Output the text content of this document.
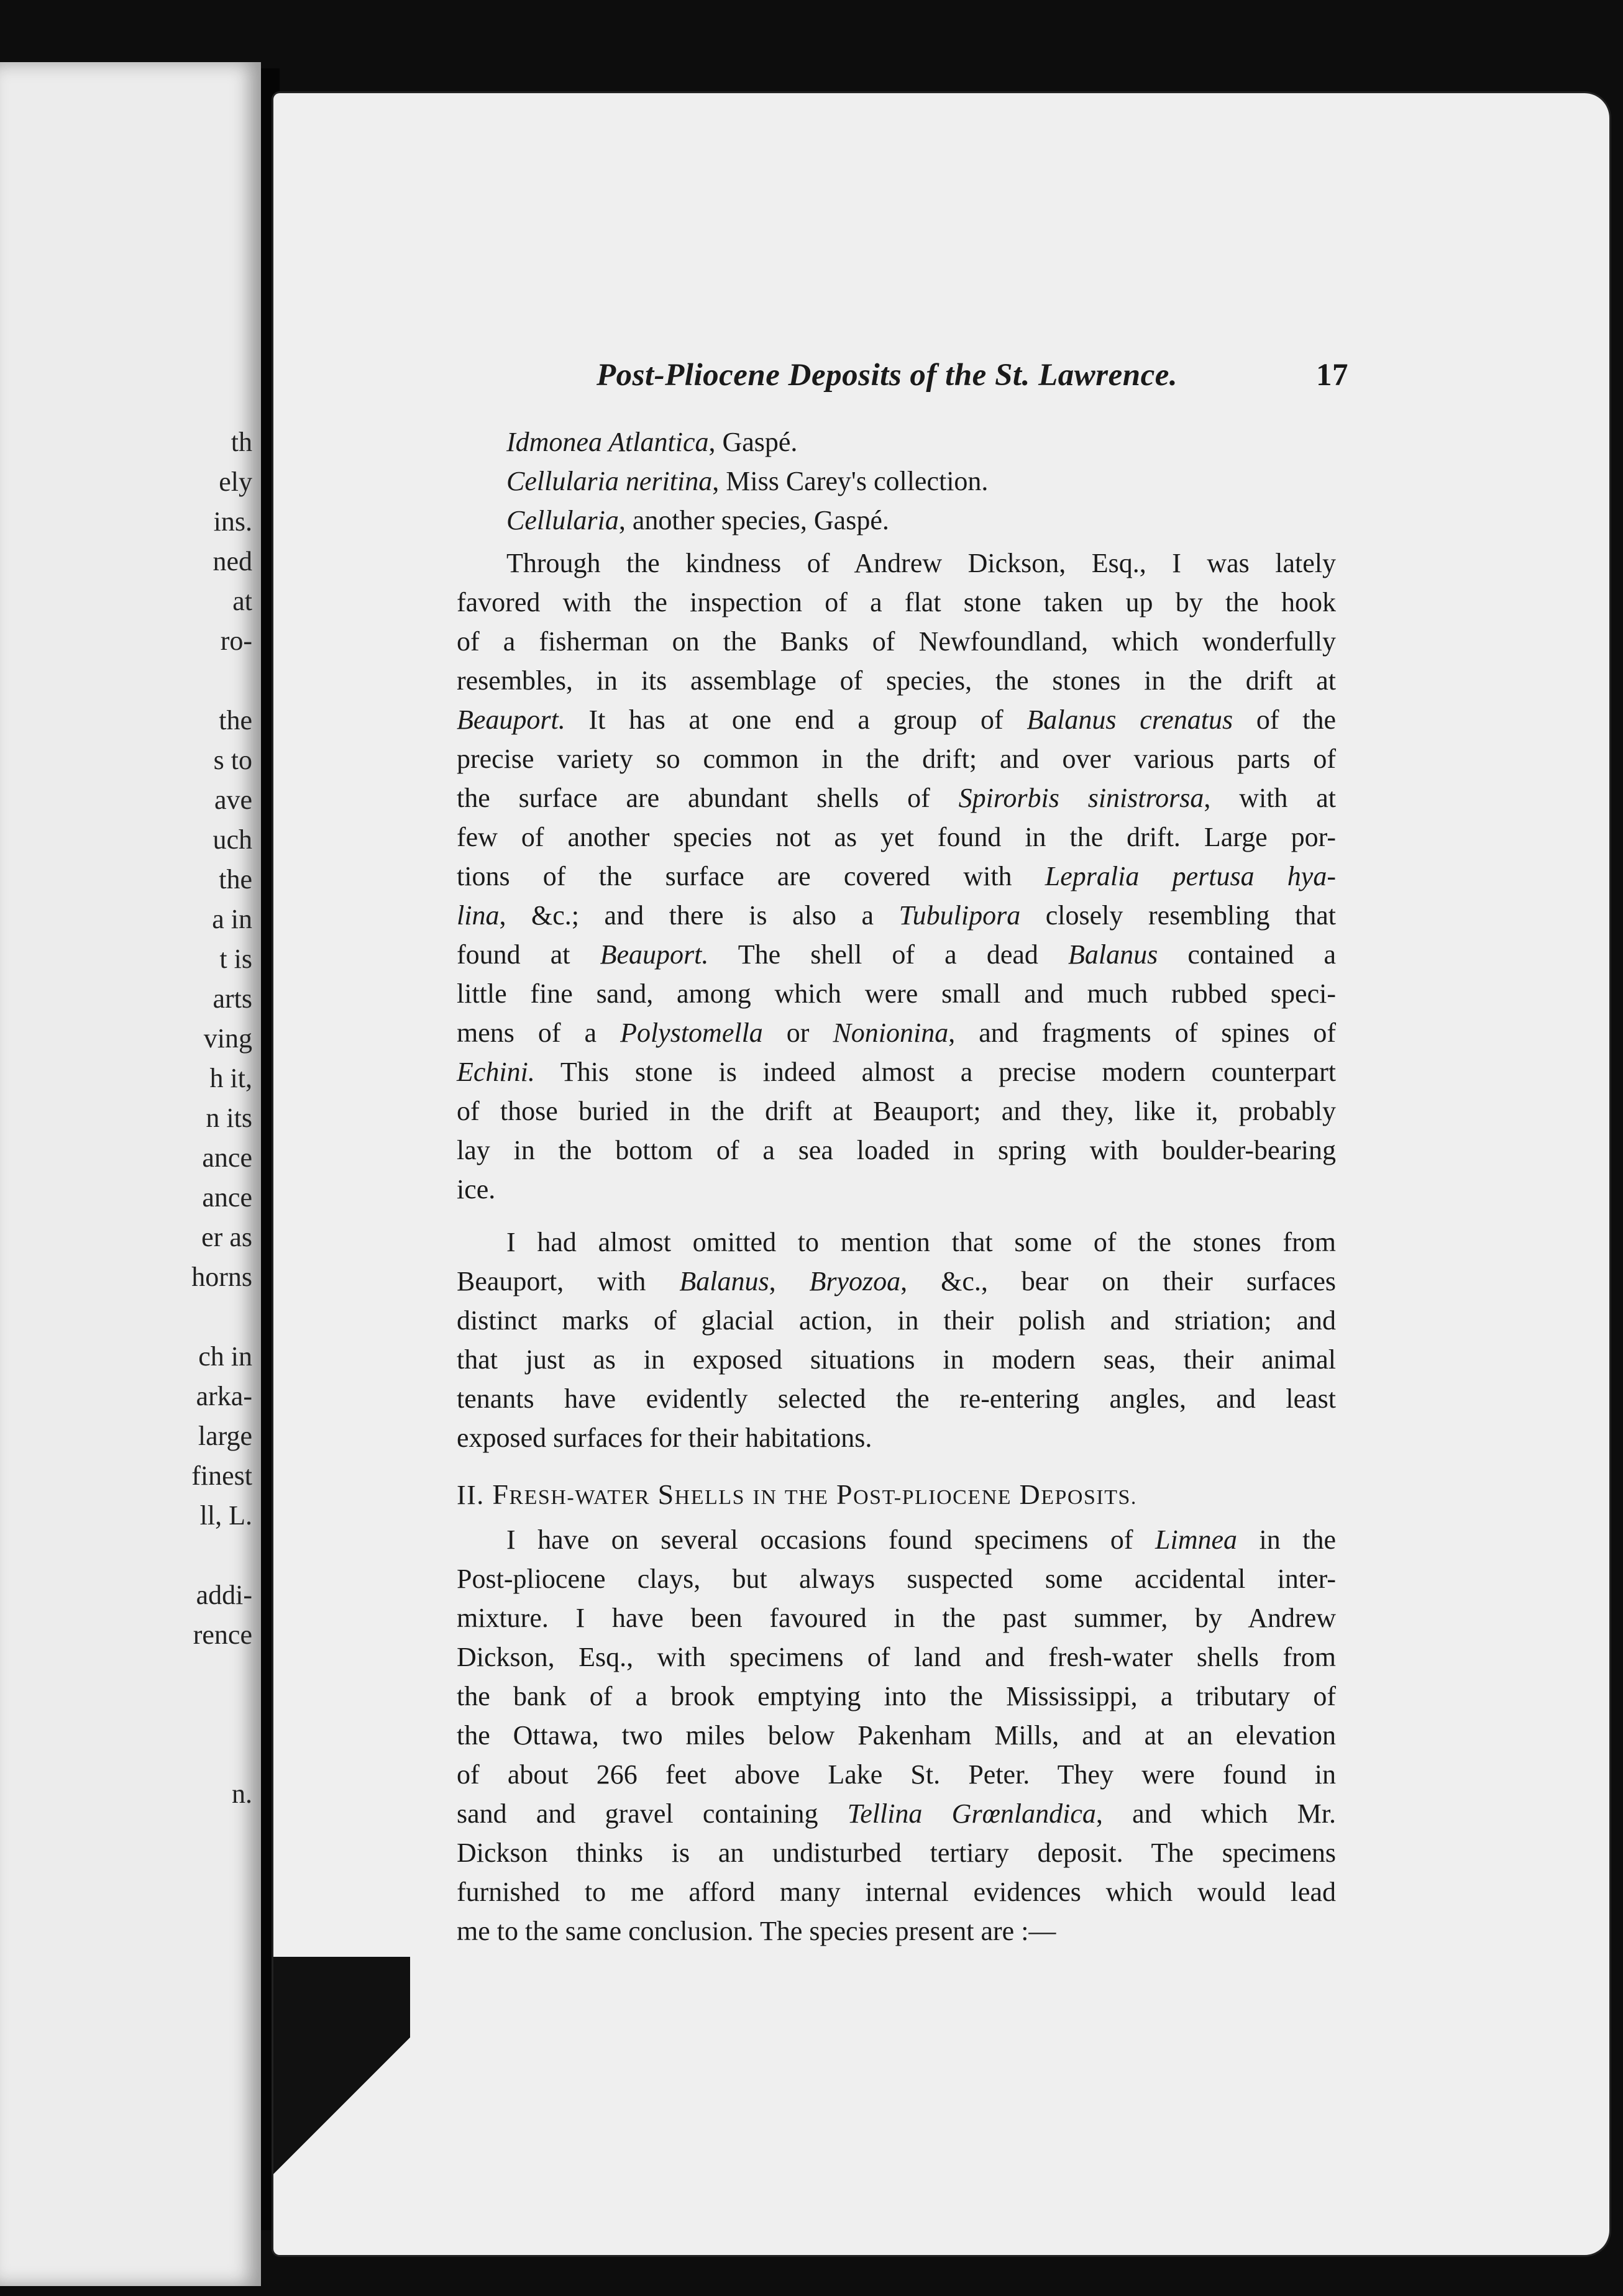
th
ely
ins.
ned
at
ro-
the
s to
ave
uch
the
a in
t is
arts
ving
h it,
n its
ance
ance
er as
horns
ch in
arka-
large
finest
ll, L.
addi-
rence
n.
Post-Pliocene Deposits of the St. Lawrence.	17
Idmonea Atlantica, Gaspé.
Cellularia neritina, Miss Carey's collection.
Cellularia, another species, Gaspé.
Through the kindness of Andrew Dickson, Esq., I was lately
favored with the inspection of a flat stone taken up by the hook
of a fisherman on the Banks of Newfoundland, which wonderfully
resembles, in its assemblage of species, the stones in the drift at
Beauport. It has at one end a group of Balanus crenatus of the
precise variety so common in the drift; and over various parts of
the surface are abundant shells of Spirorbis sinistrorsa, with at
few of another species not as yet found in the drift. Large por-
tions of the surface are covered with Lepralia pertusa hya-
lina, &c.; and there is also a Tubulipora closely resembling that
found at Beauport. The shell of a dead Balanus contained a
little fine sand, among which were small and much rubbed speci-
mens of a Polystomella or Nonionina, and fragments of spines of
Echini. This stone is indeed almost a precise modern counterpart
of those buried in the drift at Beauport; and they, like it, probably
lay in the bottom of a sea loaded in spring with boulder-bearing
ice.
I had almost omitted to mention that some of the stones from
Beauport, with Balanus, Bryozoa, &c., bear on their surfaces
distinct marks of glacial action, in their polish and striation; and
that just as in exposed situations in modern seas, their animal
tenants have evidently selected the re-entering angles, and least
exposed surfaces for their habitations.
II. FRESH-WATER SHELLS IN THE POST-PLIOCENE DEPOSITS.
I have on several occasions found specimens of Limnea in the
Post-pliocene clays, but always suspected some accidental inter-
mixture. I have been favoured in the past summer, by Andrew
Dickson, Esq., with specimens of land and fresh-water shells from
the bank of a brook emptying into the Mississippi, a tributary of
the Ottawa, two miles below Pakenham Mills, and at an elevation
of about 266 feet above Lake St. Peter. They were found in
sand and gravel containing Tellina Grœnlandica, and which Mr.
Dickson thinks is an undisturbed tertiary deposit. The specimens
furnished to me afford many internal evidences which would lead
me to the same conclusion. The species present are :—
